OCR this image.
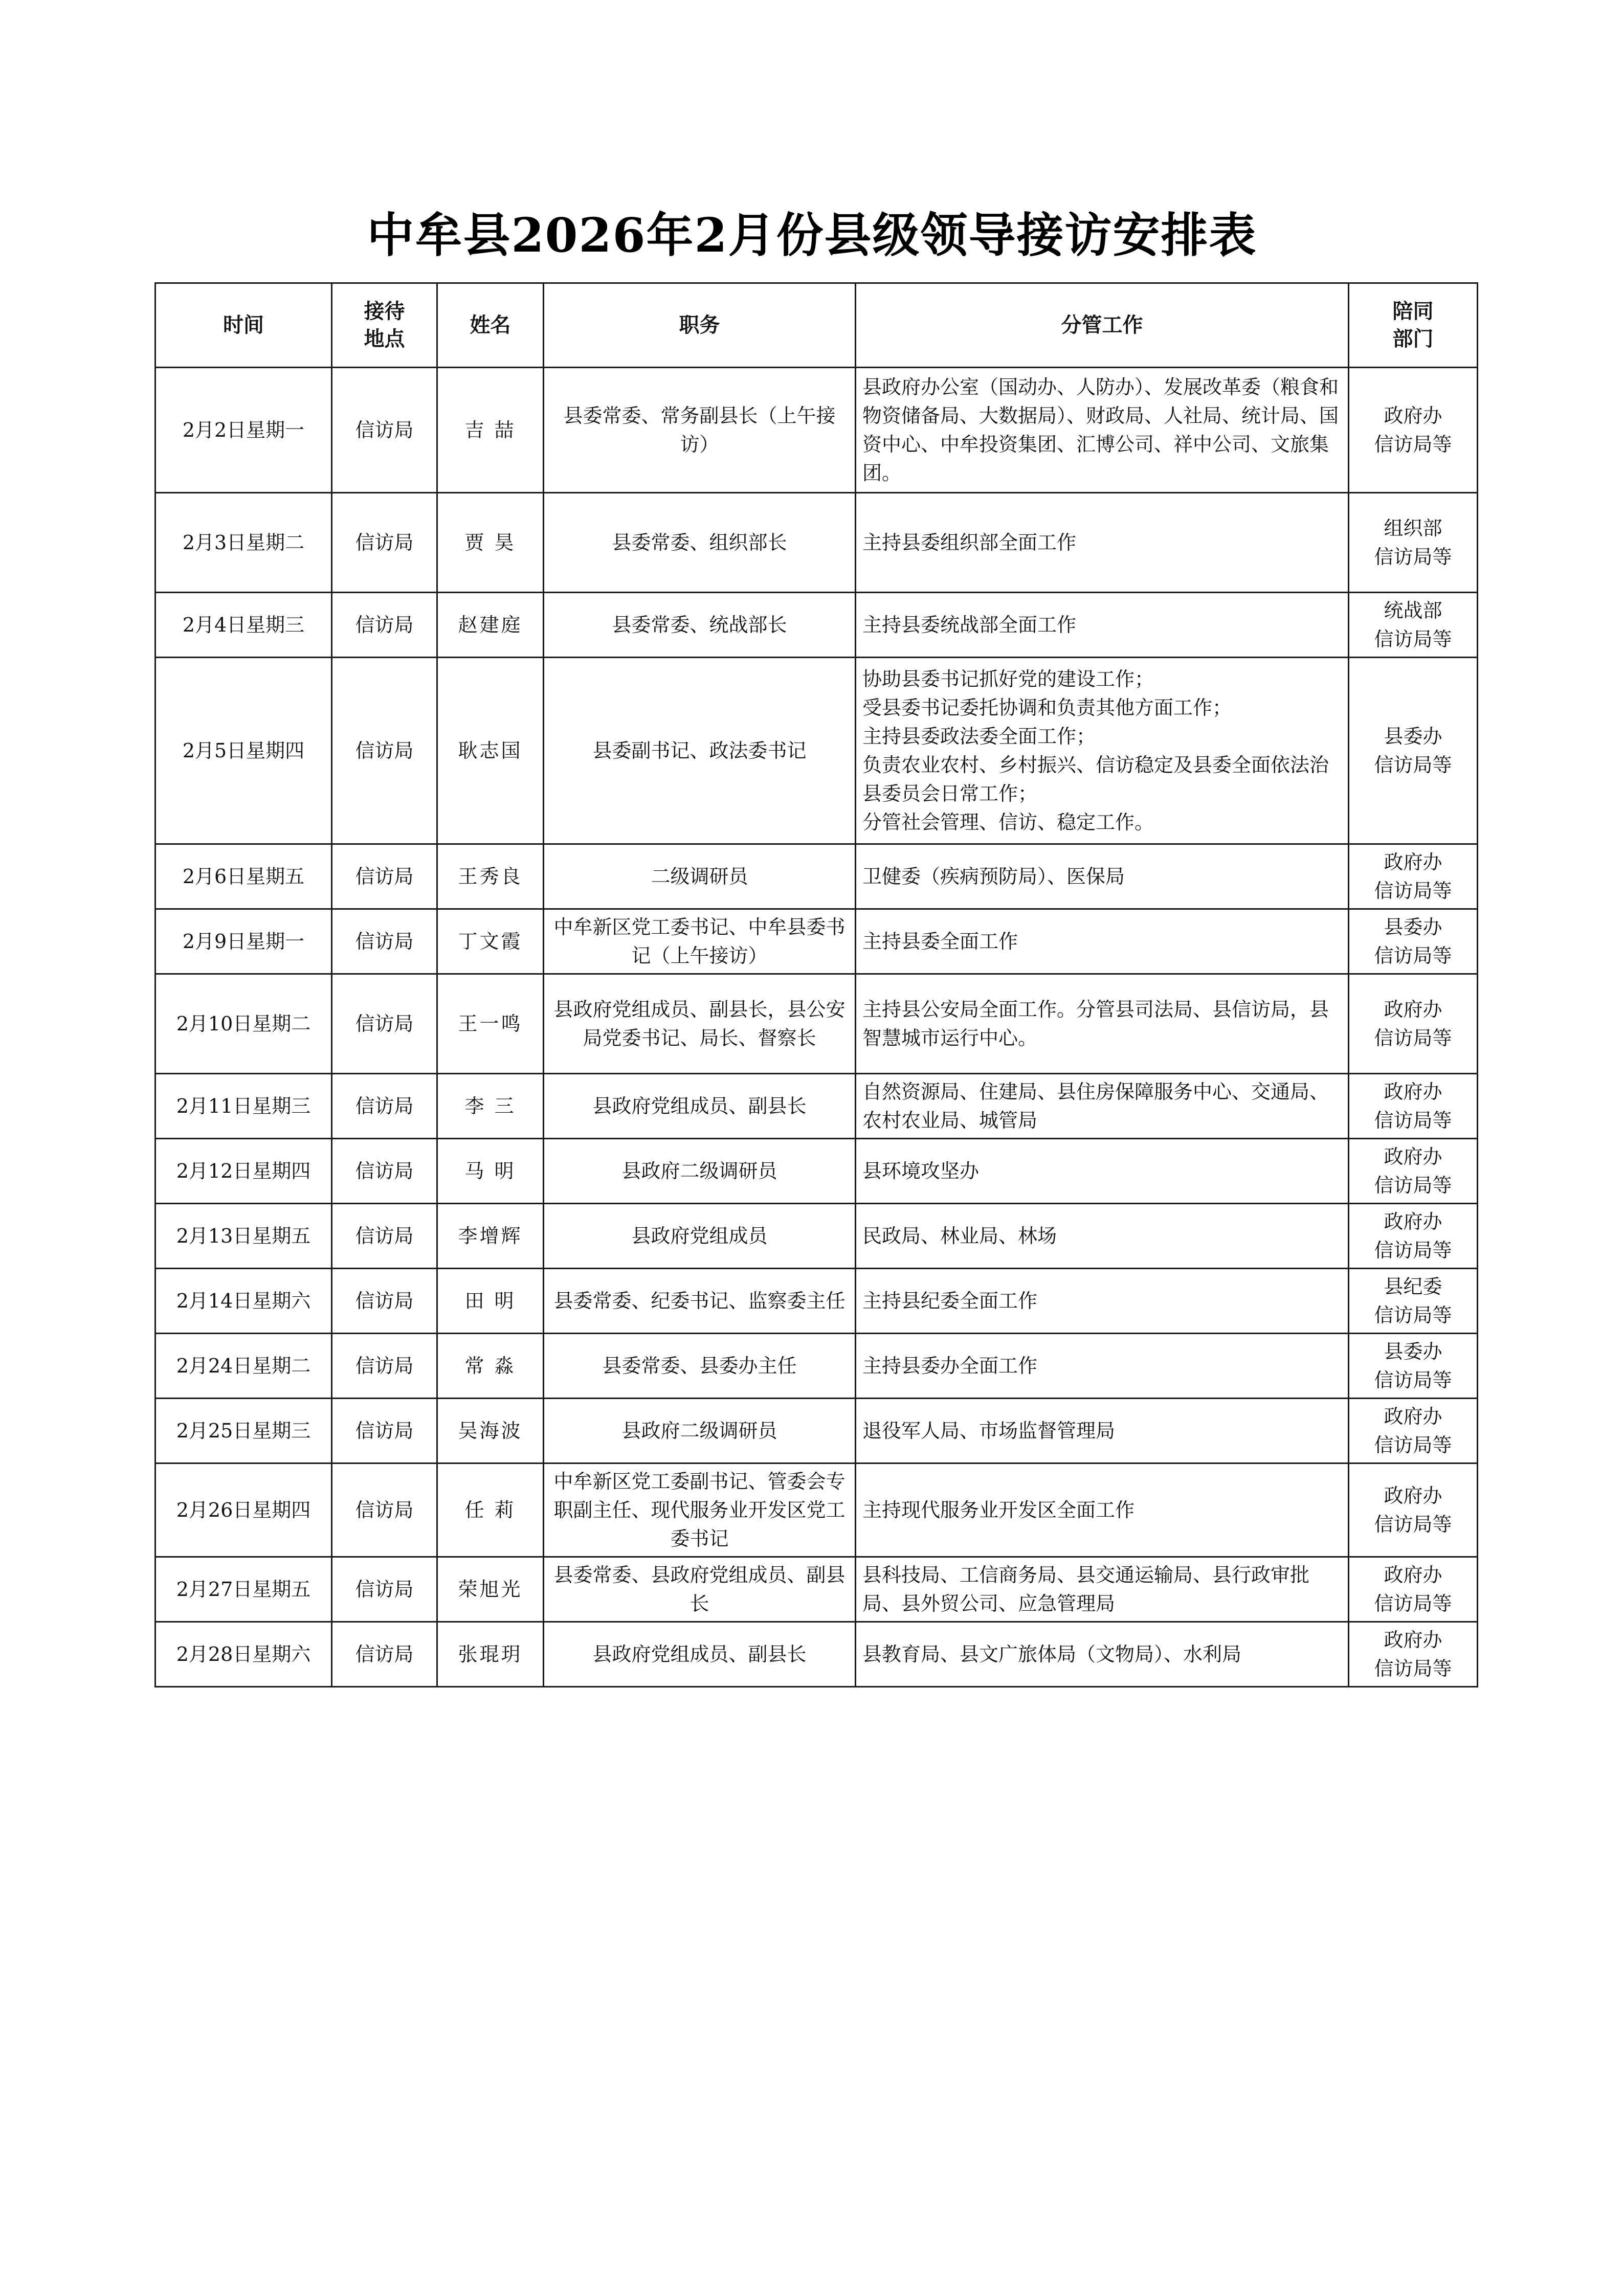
中牟县2026年2月份县级领导接访安排表
时间	接待
地点	姓名	职务	分管工作	陪同
部门
2月2日星期一	信访局	吉 喆	县委常委、常务副县长（上午接访）	县政府办公室（国动办、人防办）、发展改革委（粮食和物资储备局、大数据局）、财政局、人社局、统计局、国资中心、中牟投资集团、汇博公司、祥中公司、文旅集团。	政府办
信访局等
2月3日星期二	信访局	贾 昊	县委常委、组织部长	主持县委组织部全面工作	组织部
信访局等
2月4日星期三	信访局	赵建庭	县委常委、统战部长	主持县委统战部全面工作	统战部
信访局等
2月5日星期四	信访局	耿志国	县委副书记、政法委书记	协助县委书记抓好党的建设工作；
受县委书记委托协调和负责其他方面工作；
主持县委政法委全面工作；
负责农业农村、乡村振兴、信访稳定及县委全面依法治县委员会日常工作；
分管社会管理、信访、稳定工作。	县委办
信访局等
2月6日星期五	信访局	王秀良	二级调研员	卫健委（疾病预防局）、医保局	政府办
信访局等
2月9日星期一	信访局	丁文霞	中牟新区党工委书记、中牟县委书记（上午接访）	主持县委全面工作	县委办
信访局等
2月10日星期二	信访局	王一鸣	县政府党组成员、副县长，县公安局党委书记、局长、督察长	主持县公安局全面工作。分管县司法局、县信访局，县智慧城市运行中心。	政府办
信访局等
2月11日星期三	信访局	李 三	县政府党组成员、副县长	自然资源局、住建局、县住房保障服务中心、交通局、农村农业局、城管局	政府办
信访局等
2月12日星期四	信访局	马 明	县政府二级调研员	县环境攻坚办	政府办
信访局等
2月13日星期五	信访局	李增辉	县政府党组成员	民政局、林业局、林场	政府办
信访局等
2月14日星期六	信访局	田 明	县委常委、纪委书记、监察委主任	主持县纪委全面工作	县纪委
信访局等
2月24日星期二	信访局	常 淼	县委常委、县委办主任	主持县委办全面工作	县委办
信访局等
2月25日星期三	信访局	吴海波	县政府二级调研员	退役军人局、市场监督管理局	政府办
信访局等
2月26日星期四	信访局	任 莉	中牟新区党工委副书记、管委会专职副主任、现代服务业开发区党工委书记	主持现代服务业开发区全面工作	政府办
信访局等
2月27日星期五	信访局	荣旭光	县委常委、县政府党组成员、副县长	县科技局、工信商务局、县交通运输局、县行政审批局、县外贸公司、应急管理局	政府办
信访局等
2月28日星期六	信访局	张琨玥	县政府党组成员、副县长	县教育局、县文广旅体局（文物局）、水利局	政府办
信访局等
